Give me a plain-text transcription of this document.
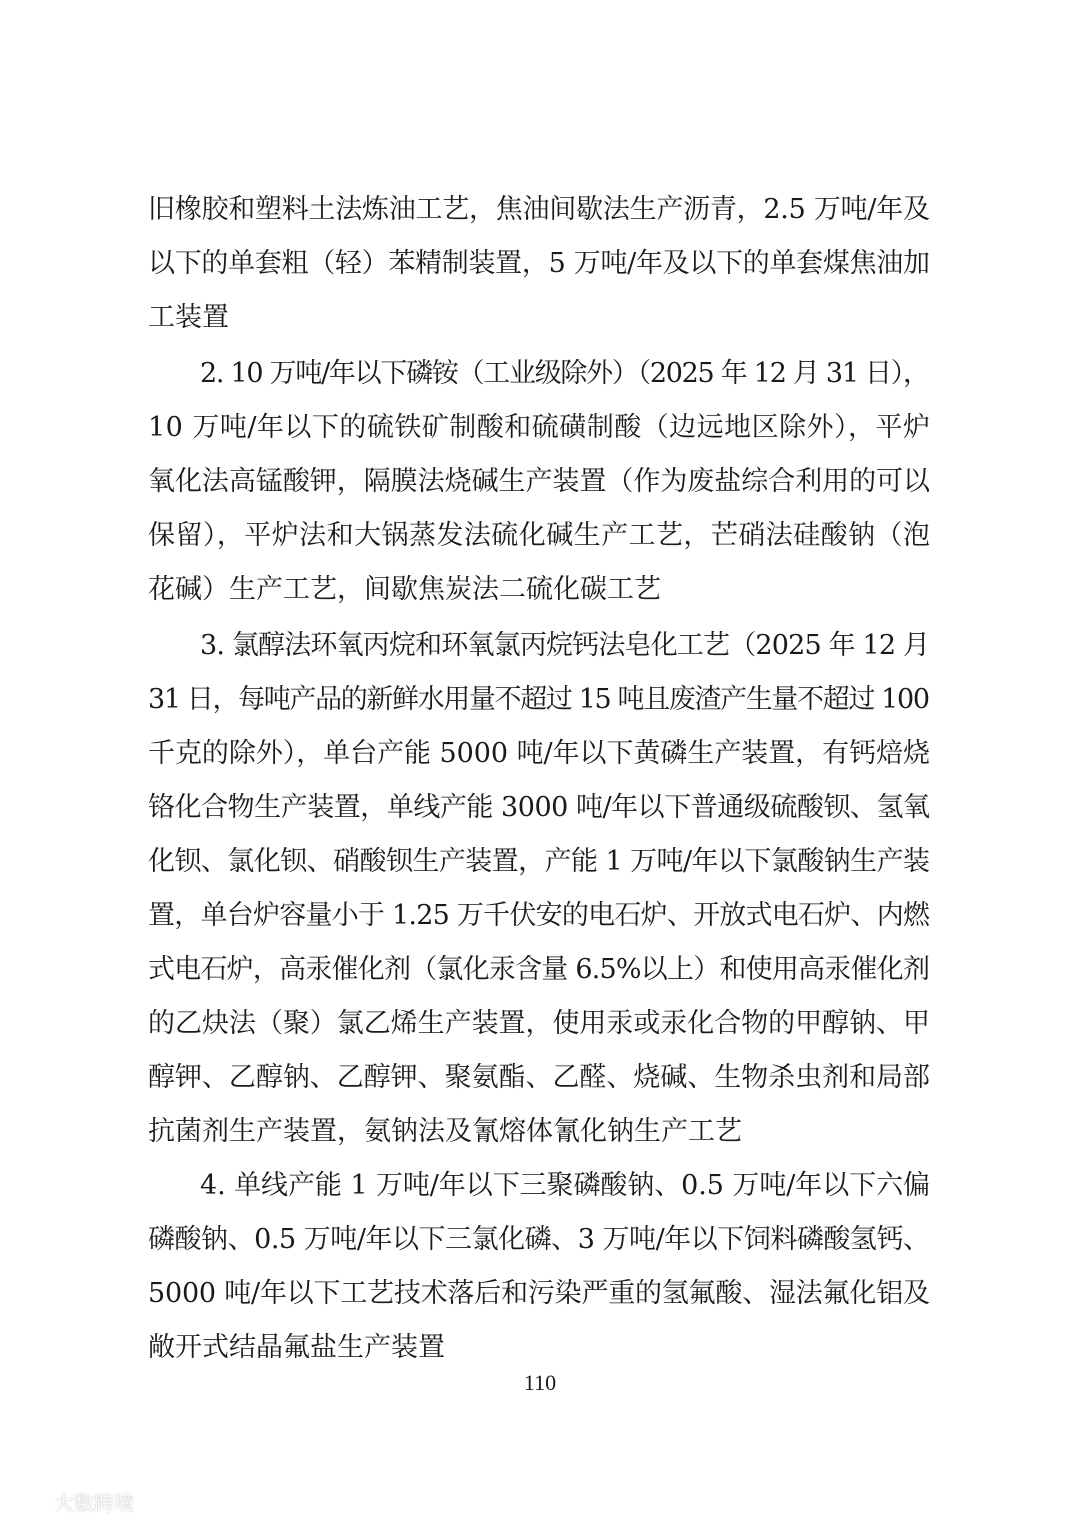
旧橡胶和塑料土法炼油工艺，焦油间歇法生产沥青，2.5 万吨/年及
以下的单套粗（轻）苯精制装置，5 万吨/年及以下的单套煤焦油加
工装置
2. 10 万吨/年以下磷铵（工业级除外）（2025 年 12 月 31 日），
10 万吨/年以下的硫铁矿制酸和硫磺制酸（边远地区除外），平炉
氧化法高锰酸钾，隔膜法烧碱生产装置（作为废盐综合利用的可以
保留），平炉法和大锅蒸发法硫化碱生产工艺，芒硝法硅酸钠（泡
花碱）生产工艺，间歇焦炭法二硫化碳工艺
3. 氯醇法环氧丙烷和环氧氯丙烷钙法皂化工艺（2025 年 12 月
31 日，每吨产品的新鲜水用量不超过 15 吨且废渣产生量不超过 100
千克的除外），单台产能 5000 吨/年以下黄磷生产装置，有钙焙烧
铬化合物生产装置，单线产能 3000 吨/年以下普通级硫酸钡、氢氧
化钡、氯化钡、硝酸钡生产装置，产能 1 万吨/年以下氯酸钠生产装
置，单台炉容量小于 1.25 万千伏安的电石炉、开放式电石炉、内燃
式电石炉，高汞催化剂（氯化汞含量 6.5%以上）和使用高汞催化剂
的乙炔法（聚）氯乙烯生产装置，使用汞或汞化合物的甲醇钠、甲
醇钾、乙醇钠、乙醇钾、聚氨酯、乙醛、烧碱、生物杀虫剂和局部
抗菌剂生产装置，氨钠法及氰熔体氰化钠生产工艺
4. 单线产能 1 万吨/年以下三聚磷酸钠、0.5 万吨/年以下六偏
磷酸钠、0.5 万吨/年以下三氯化磷、3 万吨/年以下饲料磷酸氢钙、
5000 吨/年以下工艺技术落后和污染严重的氢氟酸、湿法氟化铝及
敞开式结晶氟盐生产装置
110
大数跨境
